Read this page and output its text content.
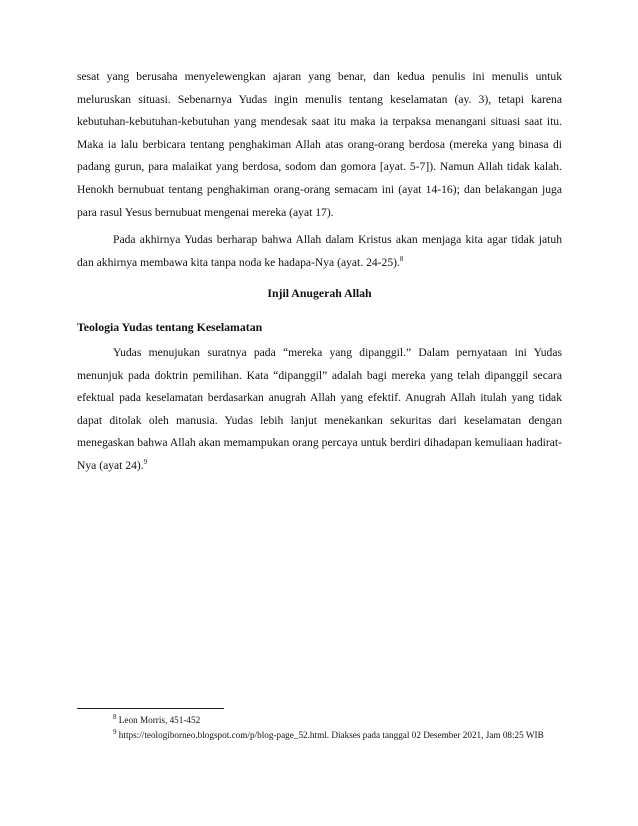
sesat yang berusaha menyelewengkan ajaran yang benar, dan kedua penulis ini menulis untuk meluruskan situasi. Sebenarnya Yudas ingin menulis tentang keselamatan (ay. 3), tetapi karena kebutuhan-kebutuhan-kebutuhan yang mendesak saat itu maka ia terpaksa menangani situasi saat itu. Maka ia lalu berbicara tentang penghakiman Allah atas orang-orang berdosa (mereka yang binasa di padang gurun, para malaikat yang berdosa, sodom dan gomora [ayat. 5-7]). Namun Allah tidak kalah. Henokh bernubuat tentang penghakiman orang-orang semacam ini (ayat 14-16); dan belakangan juga para rasul Yesus bernubuat mengenai mereka (ayat 17).

Pada akhirnya Yudas berharap bahwa Allah dalam Kristus akan menjaga kita agar tidak jatuh dan akhirnya membawa kita tanpa noda ke hadapa-Nya (ayat. 24-25).$^8$

Injil Anugerah Allah
Teologia Yudas tentang Keselamatan

Yudas menujukan suratnya pada “mereka yang dipanggil.” Dalam pernyataan ini Yudas menunjuk pada doktrin pemilihan. Kata “dipanggil” adalah bagi mereka yang telah dipanggil secara efektual pada keselamatan berdasarkan anugrah Allah yang efektif. Anugrah Allah itulah yang tidak dapat ditolak oleh manusia. Yudas lebih lanjut menekankan sekuritas dari keselamatan dengan menegaskan bahwa Allah akan memampukan orang percaya untuk berdiri dihadapan kemuliaan hadirat-Nya (ayat 24).$^9$

$^8$ Leon Morris, 451-452

$^9$ https://teologiborneo.blogspot.com/p/blog-page_52.html. Diakses pada tanggal 02 Desember 2021, Jam 08:25 WIB
